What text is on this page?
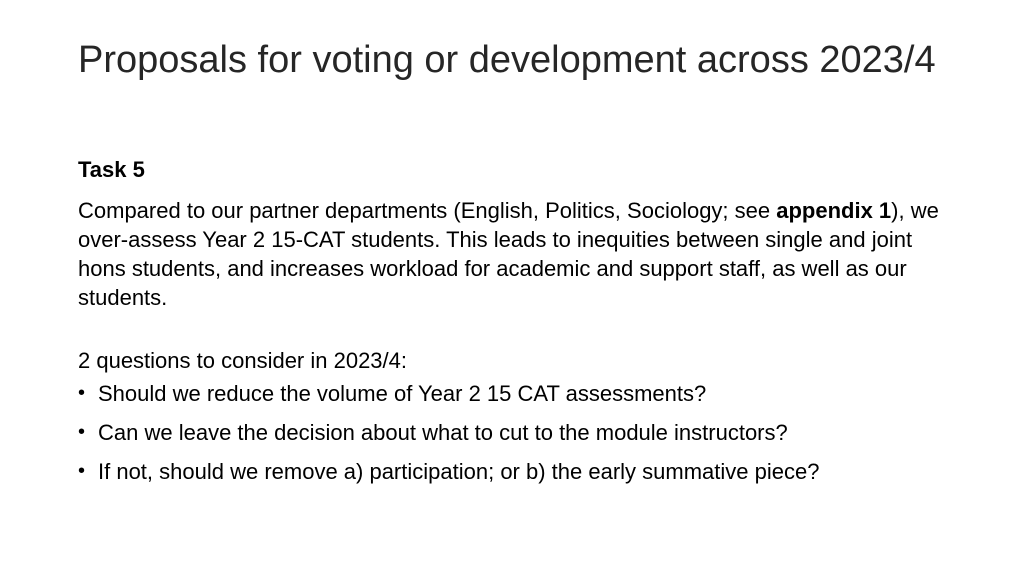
Proposals for voting or development across 2023/4

Task 5

Compared to our partner departments (English, Politics, Sociology; see appendix 1), we over-assess Year 2 15-CAT students. This leads to inequities between single and joint hons students, and increases workload for academic and support staff, as well as our students.

2 questions to consider in 2023/4:

• Should we reduce the volume of Year 2 15 CAT assessments?
• Can we leave the decision about what to cut to the module instructors?
• If not, should we remove a) participation; or b) the early summative piece?
